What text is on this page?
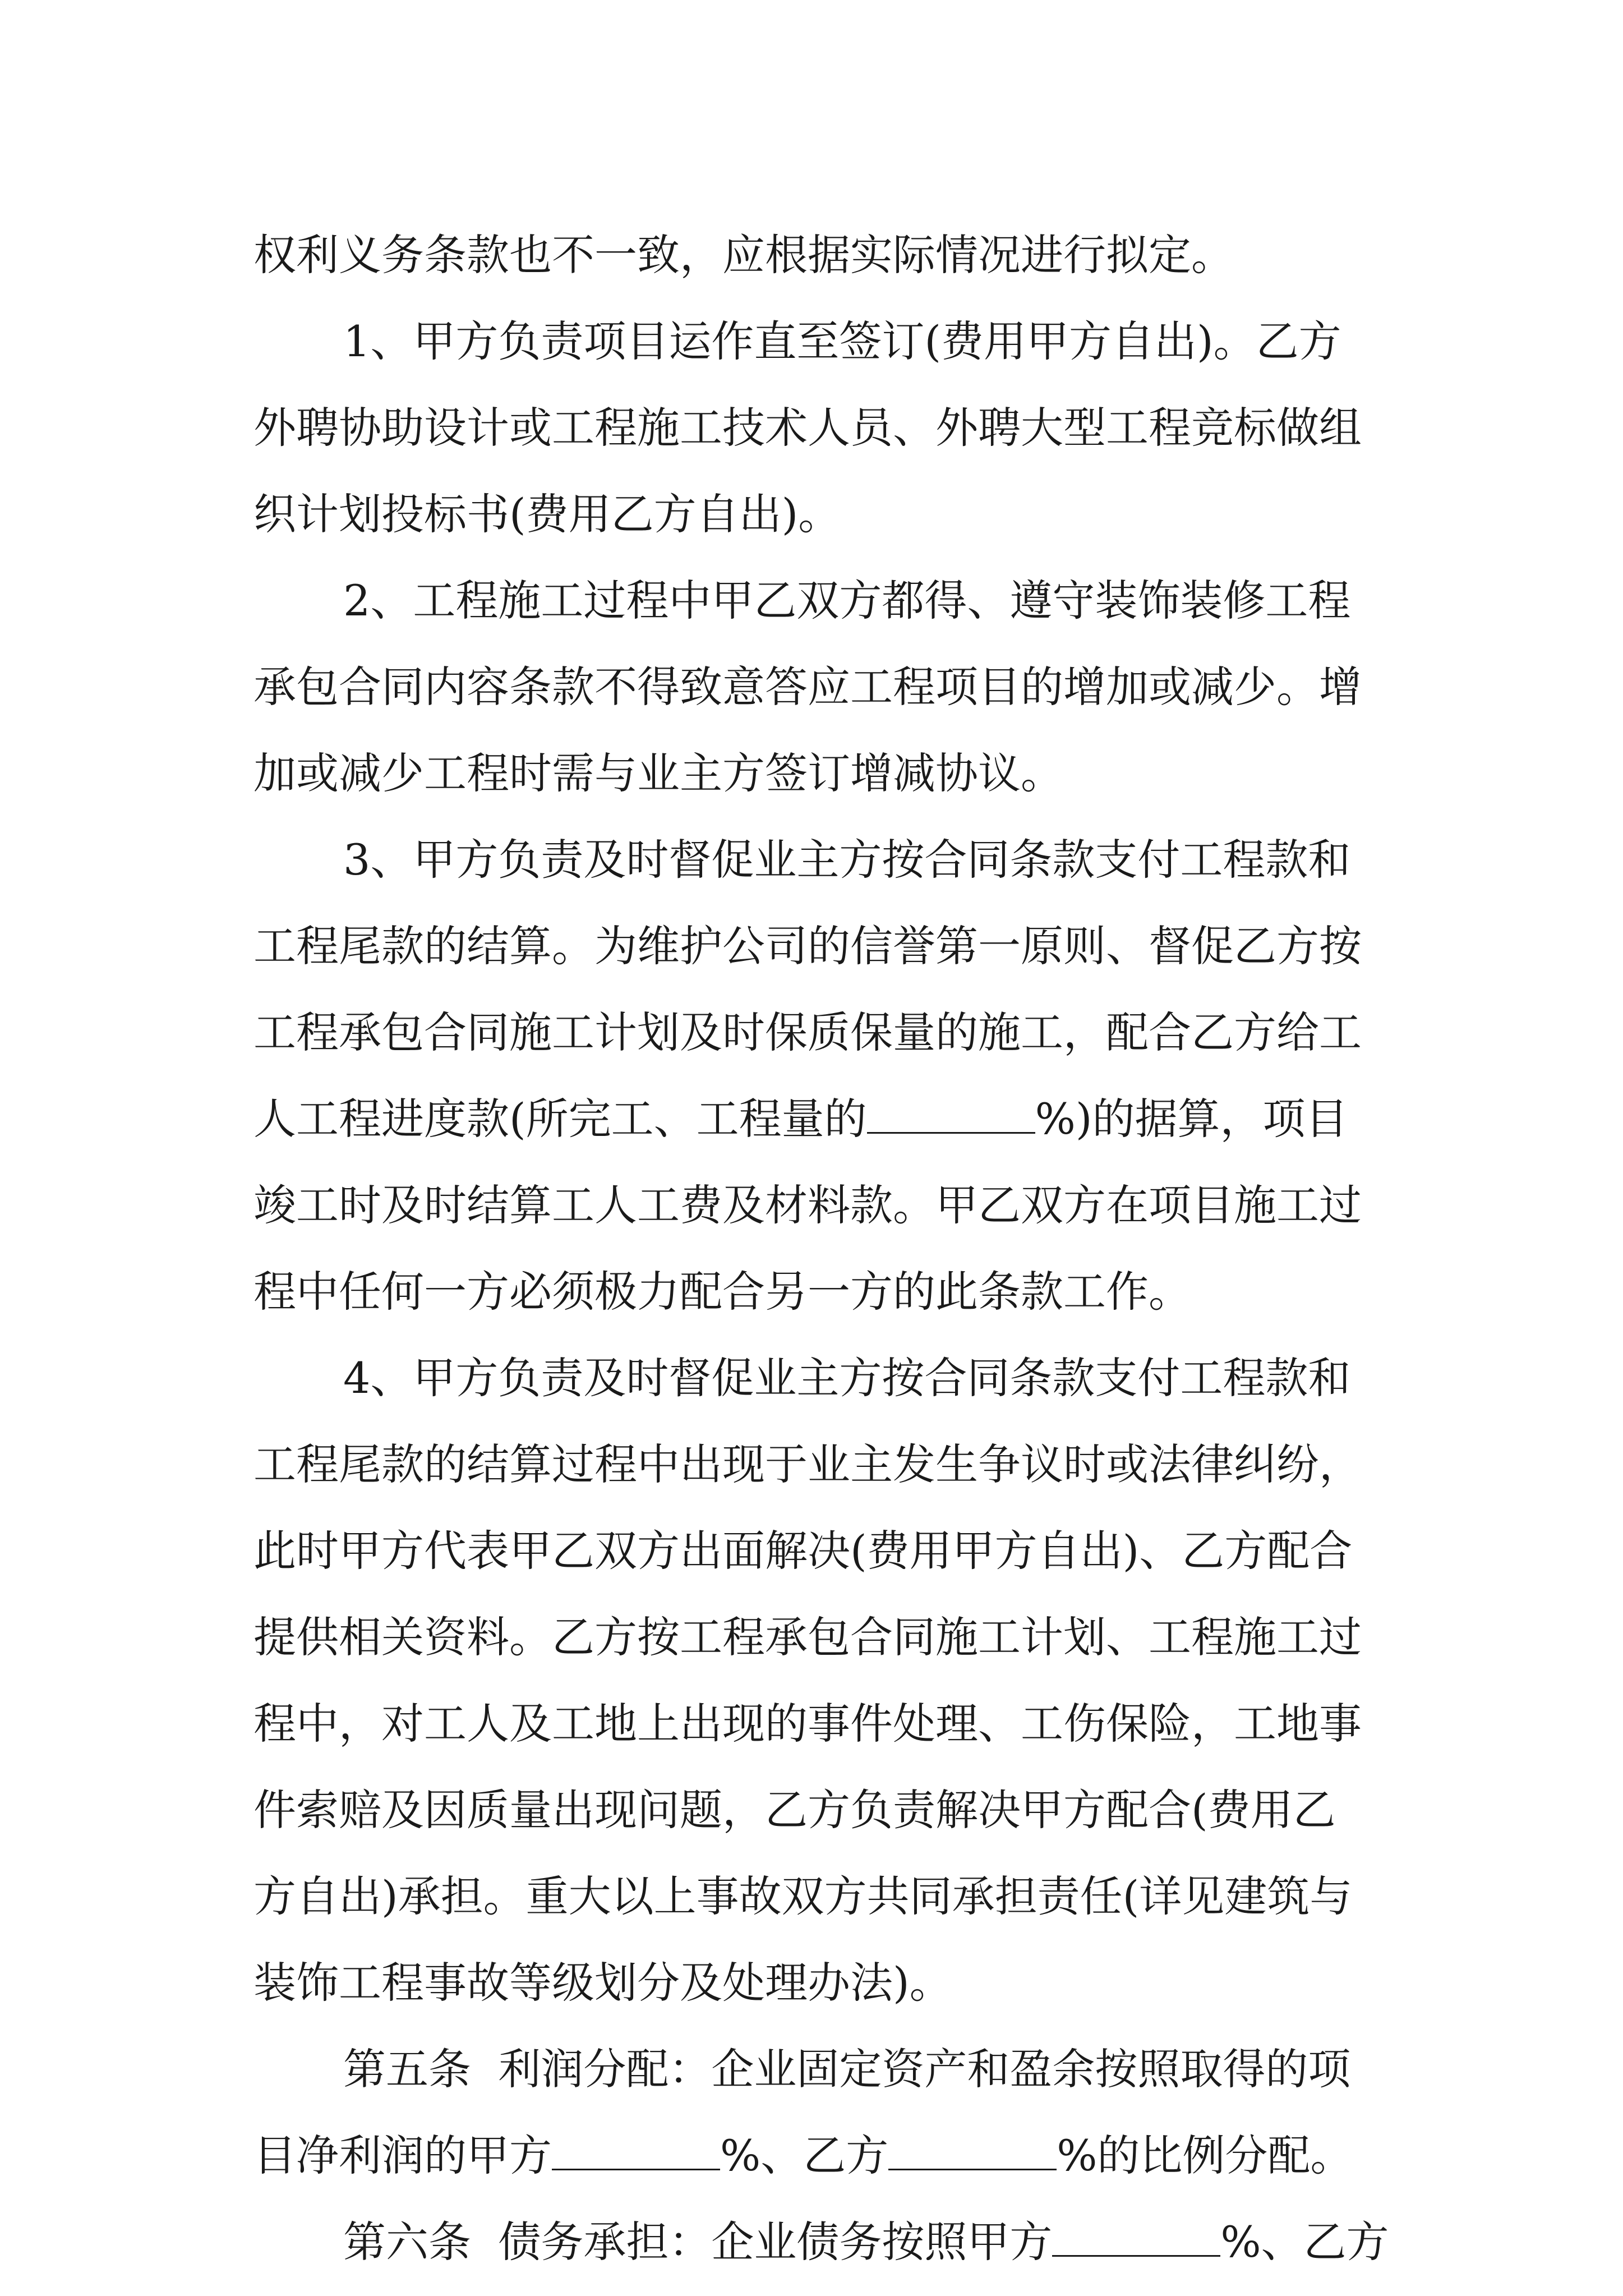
权利义务条款也不一致，应根据实际情况进行拟定。
1、甲方负责项目运作直至签订(费用甲方自出)。乙方
外聘协助设计或工程施工技术人员、外聘大型工程竞标做组
织计划投标书(费用乙方自出)。
2、工程施工过程中甲乙双方都得、遵守装饰装修工程
承包合同内容条款不得致意答应工程项目的增加或减少。增
加或减少工程时需与业主方签订增减协议。
3、甲方负责及时督促业主方按合同条款支付工程款和
工程尾款的结算。为维护公司的信誉第一原则、督促乙方按
工程承包合同施工计划及时保质保量的施工，配合乙方给工
人工程进度款(所完工、工程量的	%)的据算，项目
竣工时及时结算工人工费及材料款。甲乙双方在项目施工过
程中任何一方必须极力配合另一方的此条款工作。
4、甲方负责及时督促业主方按合同条款支付工程款和
工程尾款的结算过程中出现于业主发生争议时或法律纠纷，
此时甲方代表甲乙双方出面解决(费用甲方自出)、乙方配合
提供相关资料。乙方按工程承包合同施工计划、工程施工过
程中，对工人及工地上出现的事件处理、工伤保险，工地事
件索赔及因质量出现问题，乙方负责解决甲方配合(费用乙
方自出)承担。重大以上事故双方共同承担责任(详见建筑与
装饰工程事故等级划分及处理办法)。
第五条  利润分配：企业固定资产和盈余按照取得的项
目净利润的甲方	%、乙方	%的比例分配。
第六条  债务承担：企业债务按照甲方	%、乙方
